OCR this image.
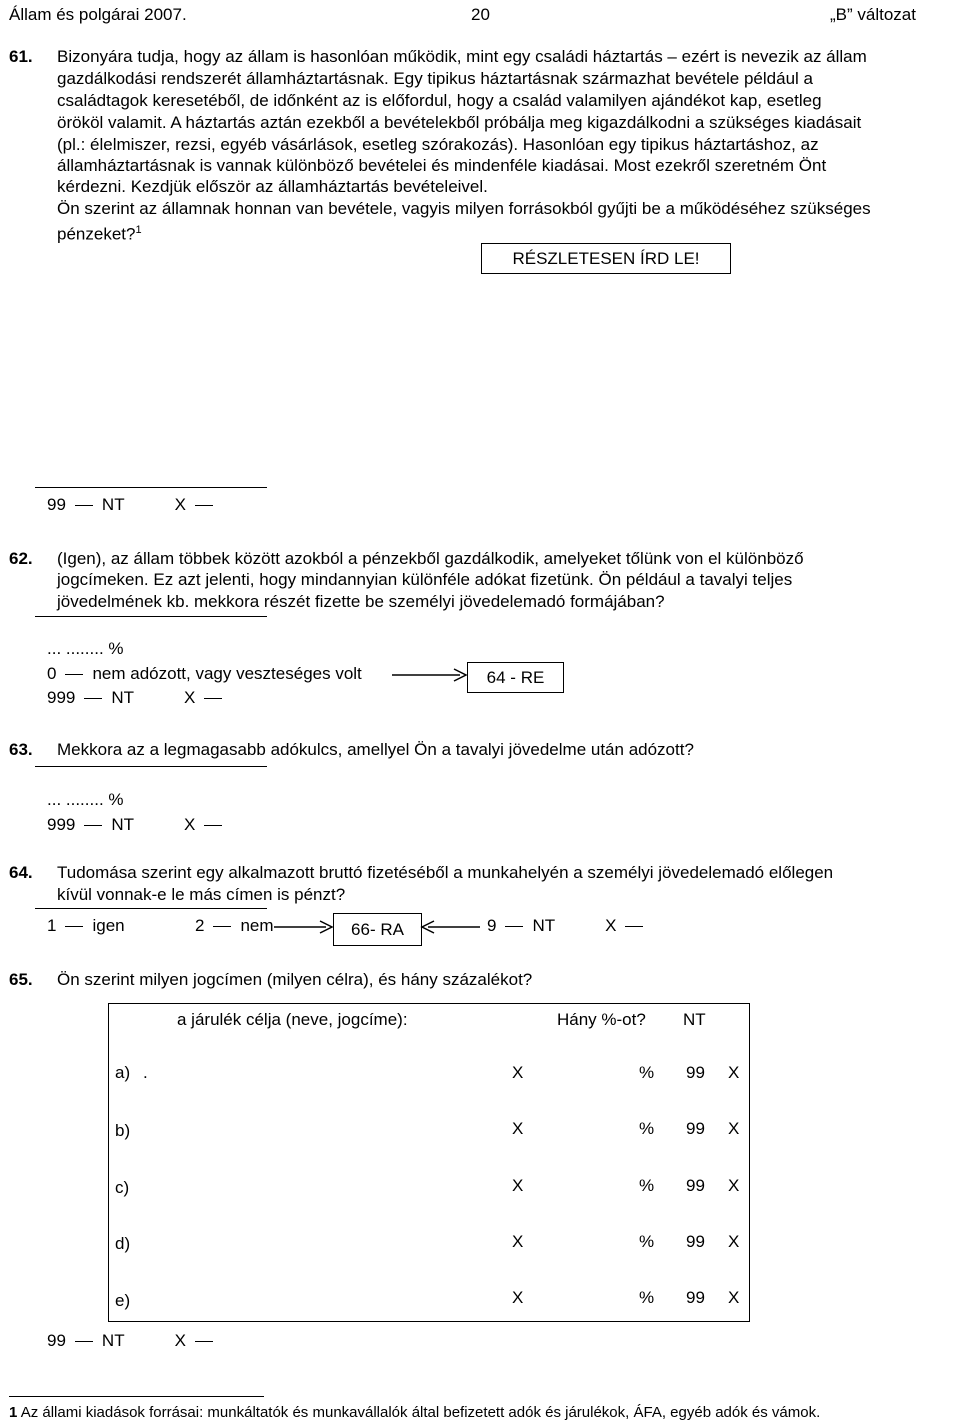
Állam és polgárai 2007.	20	„B” változat
61. Bizonyára tudja, hogy az állam is hasonlóan működik, mint egy családi háztartás – ezért is nevezik az állam
gazdálkodási rendszerét államháztartásnak. Egy tipikus háztartásnak származhat bevétele például a
családtagok keresetéből, de időnként az is előfordul, hogy a család valamilyen ajándékot kap, esetleg
örököl valamit. A háztartás aztán ezekből a bevételekből próbálja meg kigazdálkodni a szükséges kiadásait
(pl.: élelmiszer, rezsi, egyéb vásárlások, esetleg szórakozás). Hasonlóan egy tipikus háztartáshoz, az
államháztartásnak is vannak különböző bevételei és mindenféle kiadásai. Most ezekről szeretném Önt
kérdezni. Kezdjük először az államháztartás bevételeivel.
Ön szerint az államnak honnan van bevétele, vagyis milyen forrásokból gyűjti be a működéséhez szükséges
pénzeket?$^1$
RÉSZLETESEN ÍRD LE!
99 NT	X
62. (Igen), az állam többek között azokból a pénzekből gazdálkodik, amelyeket tőlünk von el különböző
jogcímeken. Ez azt jelenti, hogy mindannyian különféle adókat fizetünk. Ön például a tavalyi teljes
jövedelmének kb. mekkora részét fizette be személyi jövedelemadó formájában?
... ........ %
0 nem adózott, vagy veszteséges volt	64 - RE
999 NT	X
63. Mekkora az a legmagasabb adókulcs, amellyel Ön a tavalyi jövedelme után adózott?
... ........ %
999 NT	X
64. Tudomása szerint egy alkalmazott bruttó fizetéséből a munkahelyén a személyi jövedelemadó előlegen
kívül vonnak-e le más címen is pénzt?
1 igen	2 nem	66- RA	9 NT	X
65. Ön szerint milyen jogcímen (milyen célra), és hány százalékot?
a járulék célja (neve, jogcíme):	Hány %-ot? NT
a) .	X	% 99 X
b)	X	% 99 X
c)	X	% 99 X
d)	X	% 99 X
e)	X	% 99 X
99 NT	X
1 Az állami kiadások forrásai: munkáltatók és munkavállalók által befizetett adók és járulékok, ÁFA, egyéb adók és vámok.
